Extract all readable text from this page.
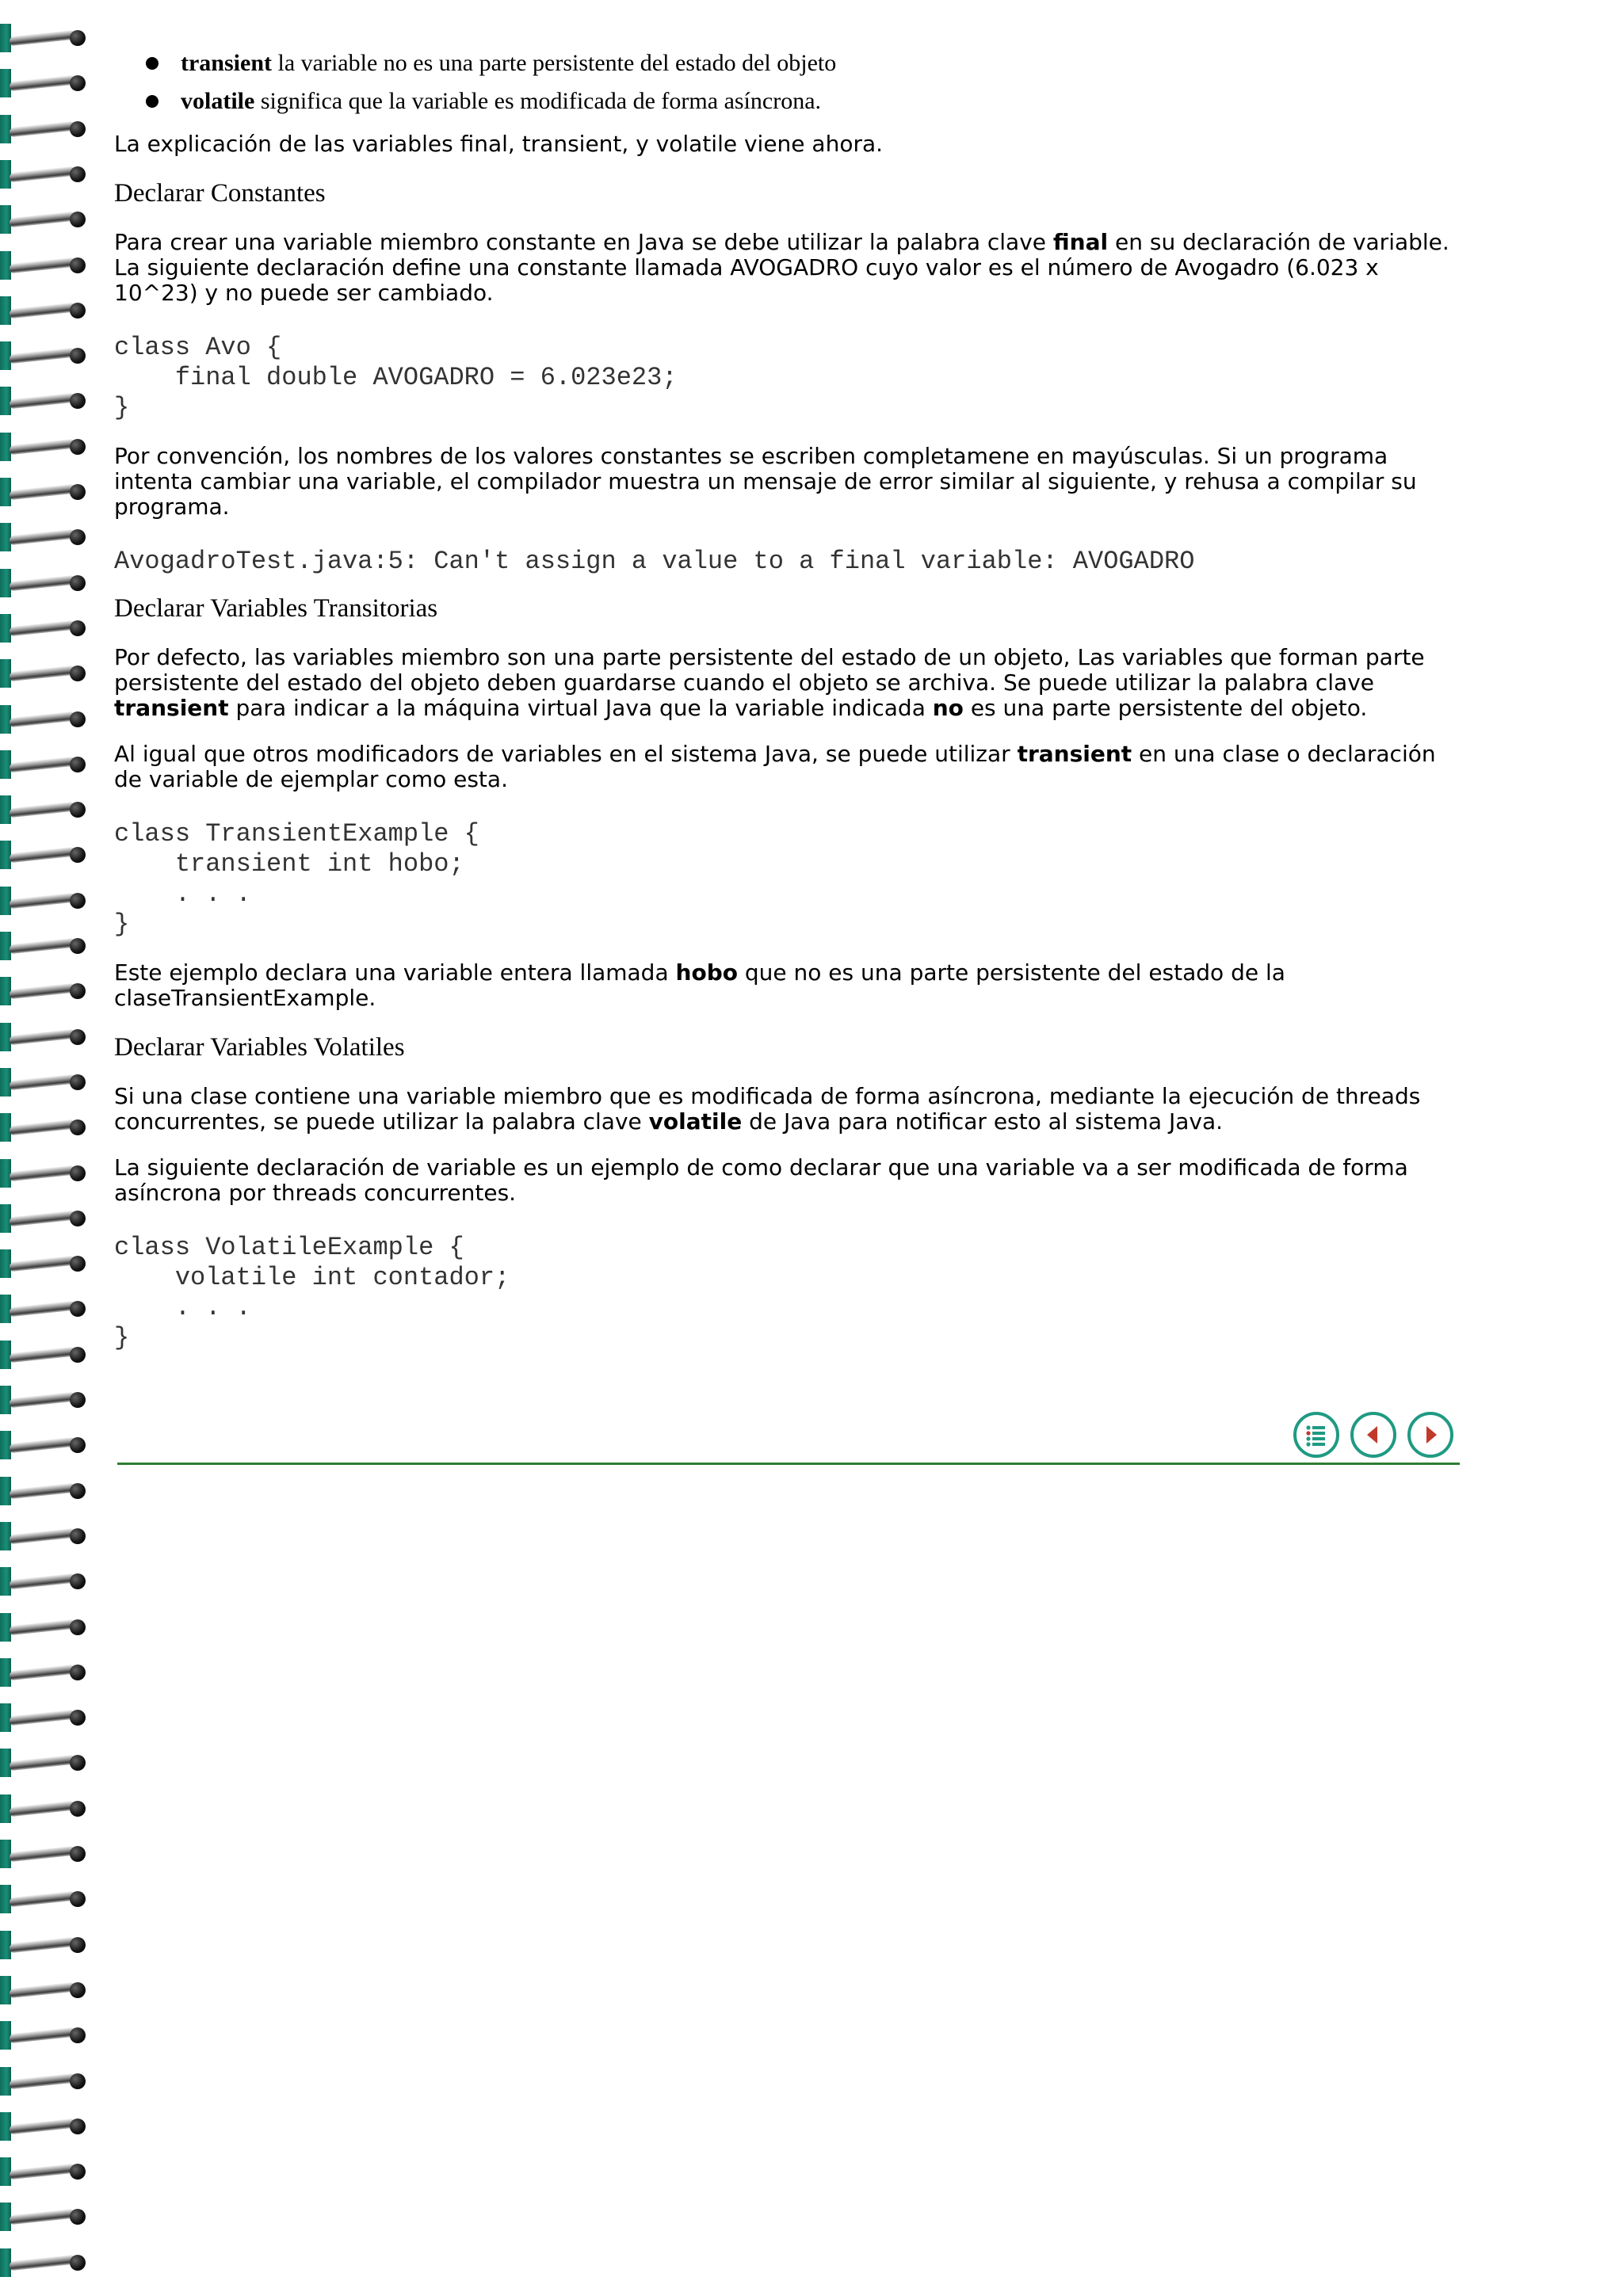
transient la variable no es una parte persistente del estado del objeto
volatile significa que la variable es modificada de forma asíncrona.

La explicación de las variables final, transient, y volatile viene ahora.

Declarar Constantes

Para crear una variable miembro constante en Java se debe utilizar la palabra clave final en su declaración de variable. La siguiente declaración define una constante llamada AVOGADRO cuyo valor es el número de Avogadro (6.023 x 10^23) y no puede ser cambiado.

class Avo {
final double AVOGADRO = 6.023e23;
}

Por convención, los nombres de los valores constantes se escriben completamene en mayúsculas. Si un programa intenta cambiar una variable, el compilador muestra un mensaje de error similar al siguiente, y rehusa a compilar su programa.

AvogadroTest.java:5: Can't assign a value to a final variable: AVOGADRO
Declarar Variables Transitorias

Por defecto, las variables miembro son una parte persistente del estado de un objeto, Las variables que forman parte persistente del estado del objeto deben guardarse cuando el objeto se archiva. Se puede utilizar la palabra clave transient para indicar a la máquina virtual Java que la variable indicada no es una parte persistente del objeto.

Al igual que otros modificadors de variables en el sistema Java, se puede utilizar transient en una clase o declaración de variable de ejemplar como esta.

class TransientExample {
transient int hobo;
. . .
}

Este ejemplo declara una variable entera llamada hobo que no es una parte persistente del estado de la claseTransientExample.

Declarar Variables Volatiles

Si una clase contiene una variable miembro que es modificada de forma asíncrona, mediante la ejecución de threads concurrentes, se puede utilizar la palabra clave volatile de Java para notificar esto al sistema Java.

La siguiente declaración de variable es un ejemplo de como declarar que una variable va a ser modificada de forma asíncrona por threads concurrentes.

class VolatileExample {
volatile int contador;
. . .
}
